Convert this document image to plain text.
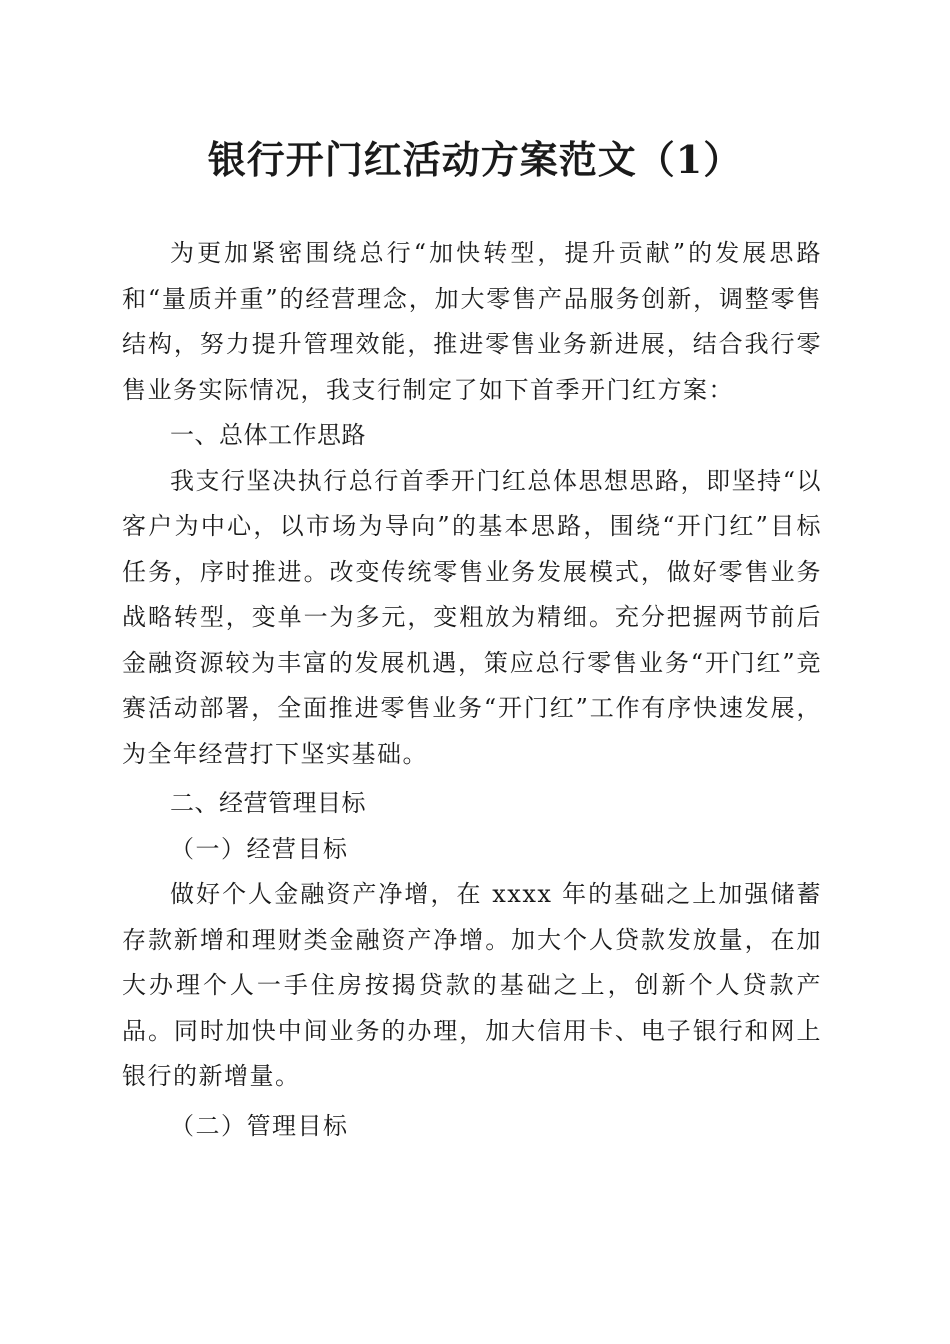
银行开门红活动方案范文（1）

为更加紧密围绕总行“加快转型，提升贡献”的发展思路和“量质并重”的经营理念，加大零售产品服务创新，调整零售结构，努力提升管理效能，推进零售业务新进展，结合我行零售业务实际情况，我支行制定了如下首季开门红方案：

一、总体工作思路

我支行坚决执行总行首季开门红总体思想思路，即坚持“以客户为中心，以市场为导向”的基本思路，围绕“开门红”目标任务，序时推进。改变传统零售业务发展模式，做好零售业务战略转型，变单一为多元，变粗放为精细。充分把握两节前后金融资源较为丰富的发展机遇，策应总行零售业务“开门红”竞赛活动部署，全面推进零售业务“开门红”工作有序快速发展，为全年经营打下坚实基础。

二、经营管理目标

（一）经营目标

做好个人金融资产净增，在 xxxx 年的基础之上加强储蓄存款新增和理财类金融资产净增。加大个人贷款发放量，在加大办理个人一手住房按揭贷款的基础之上，创新个人贷款产品。同时加快中间业务的办理，加大信用卡、电子银行和网上银行的新增量。

（二）管理目标
